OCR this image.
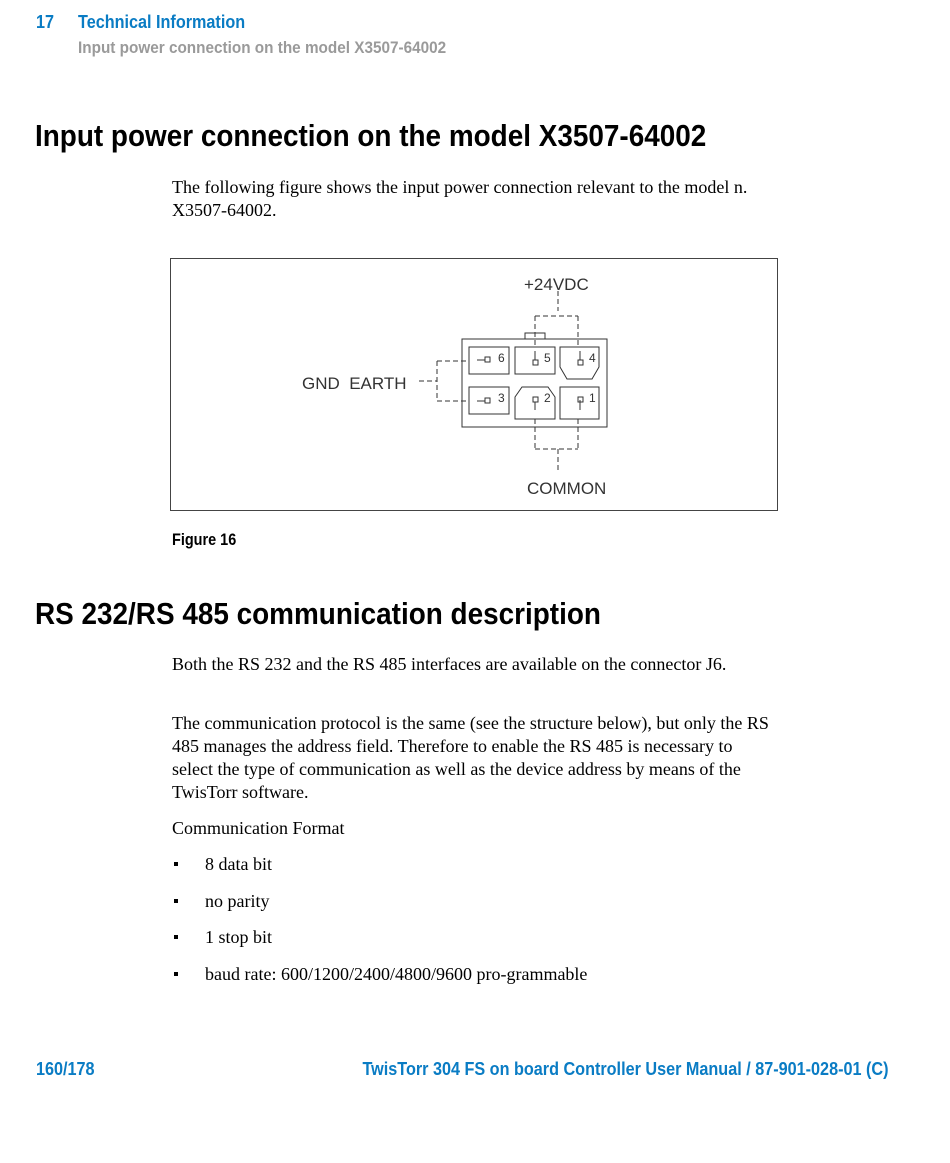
17 Technical Information
Input power connection on the model X3507-64002
Input power connection on the model X3507-64002

The following figure shows the input power connection relevant to the model n. X3507-64002.

+24VDC
GND  EARTH
COMMON
6	5	4
3	2	1
Figure 16
RS 232/RS 485 communication description

Both the RS 232 and the RS 485 interfaces are available on the connector J6.

The communication protocol is the same (see the structure below), but only the RS 485 manages the address field. Therefore to enable the RS 485 is necessary to select the type of communication as well as the device address by means of the TwisTorr software.

Communication Format

8 data bit
no parity
1 stop bit
baud rate: 600/1200/2400/4800/9600 pro-grammable
160/178	TwisTorr 304 FS on board Controller User Manual / 87-901-028-01 (C)
